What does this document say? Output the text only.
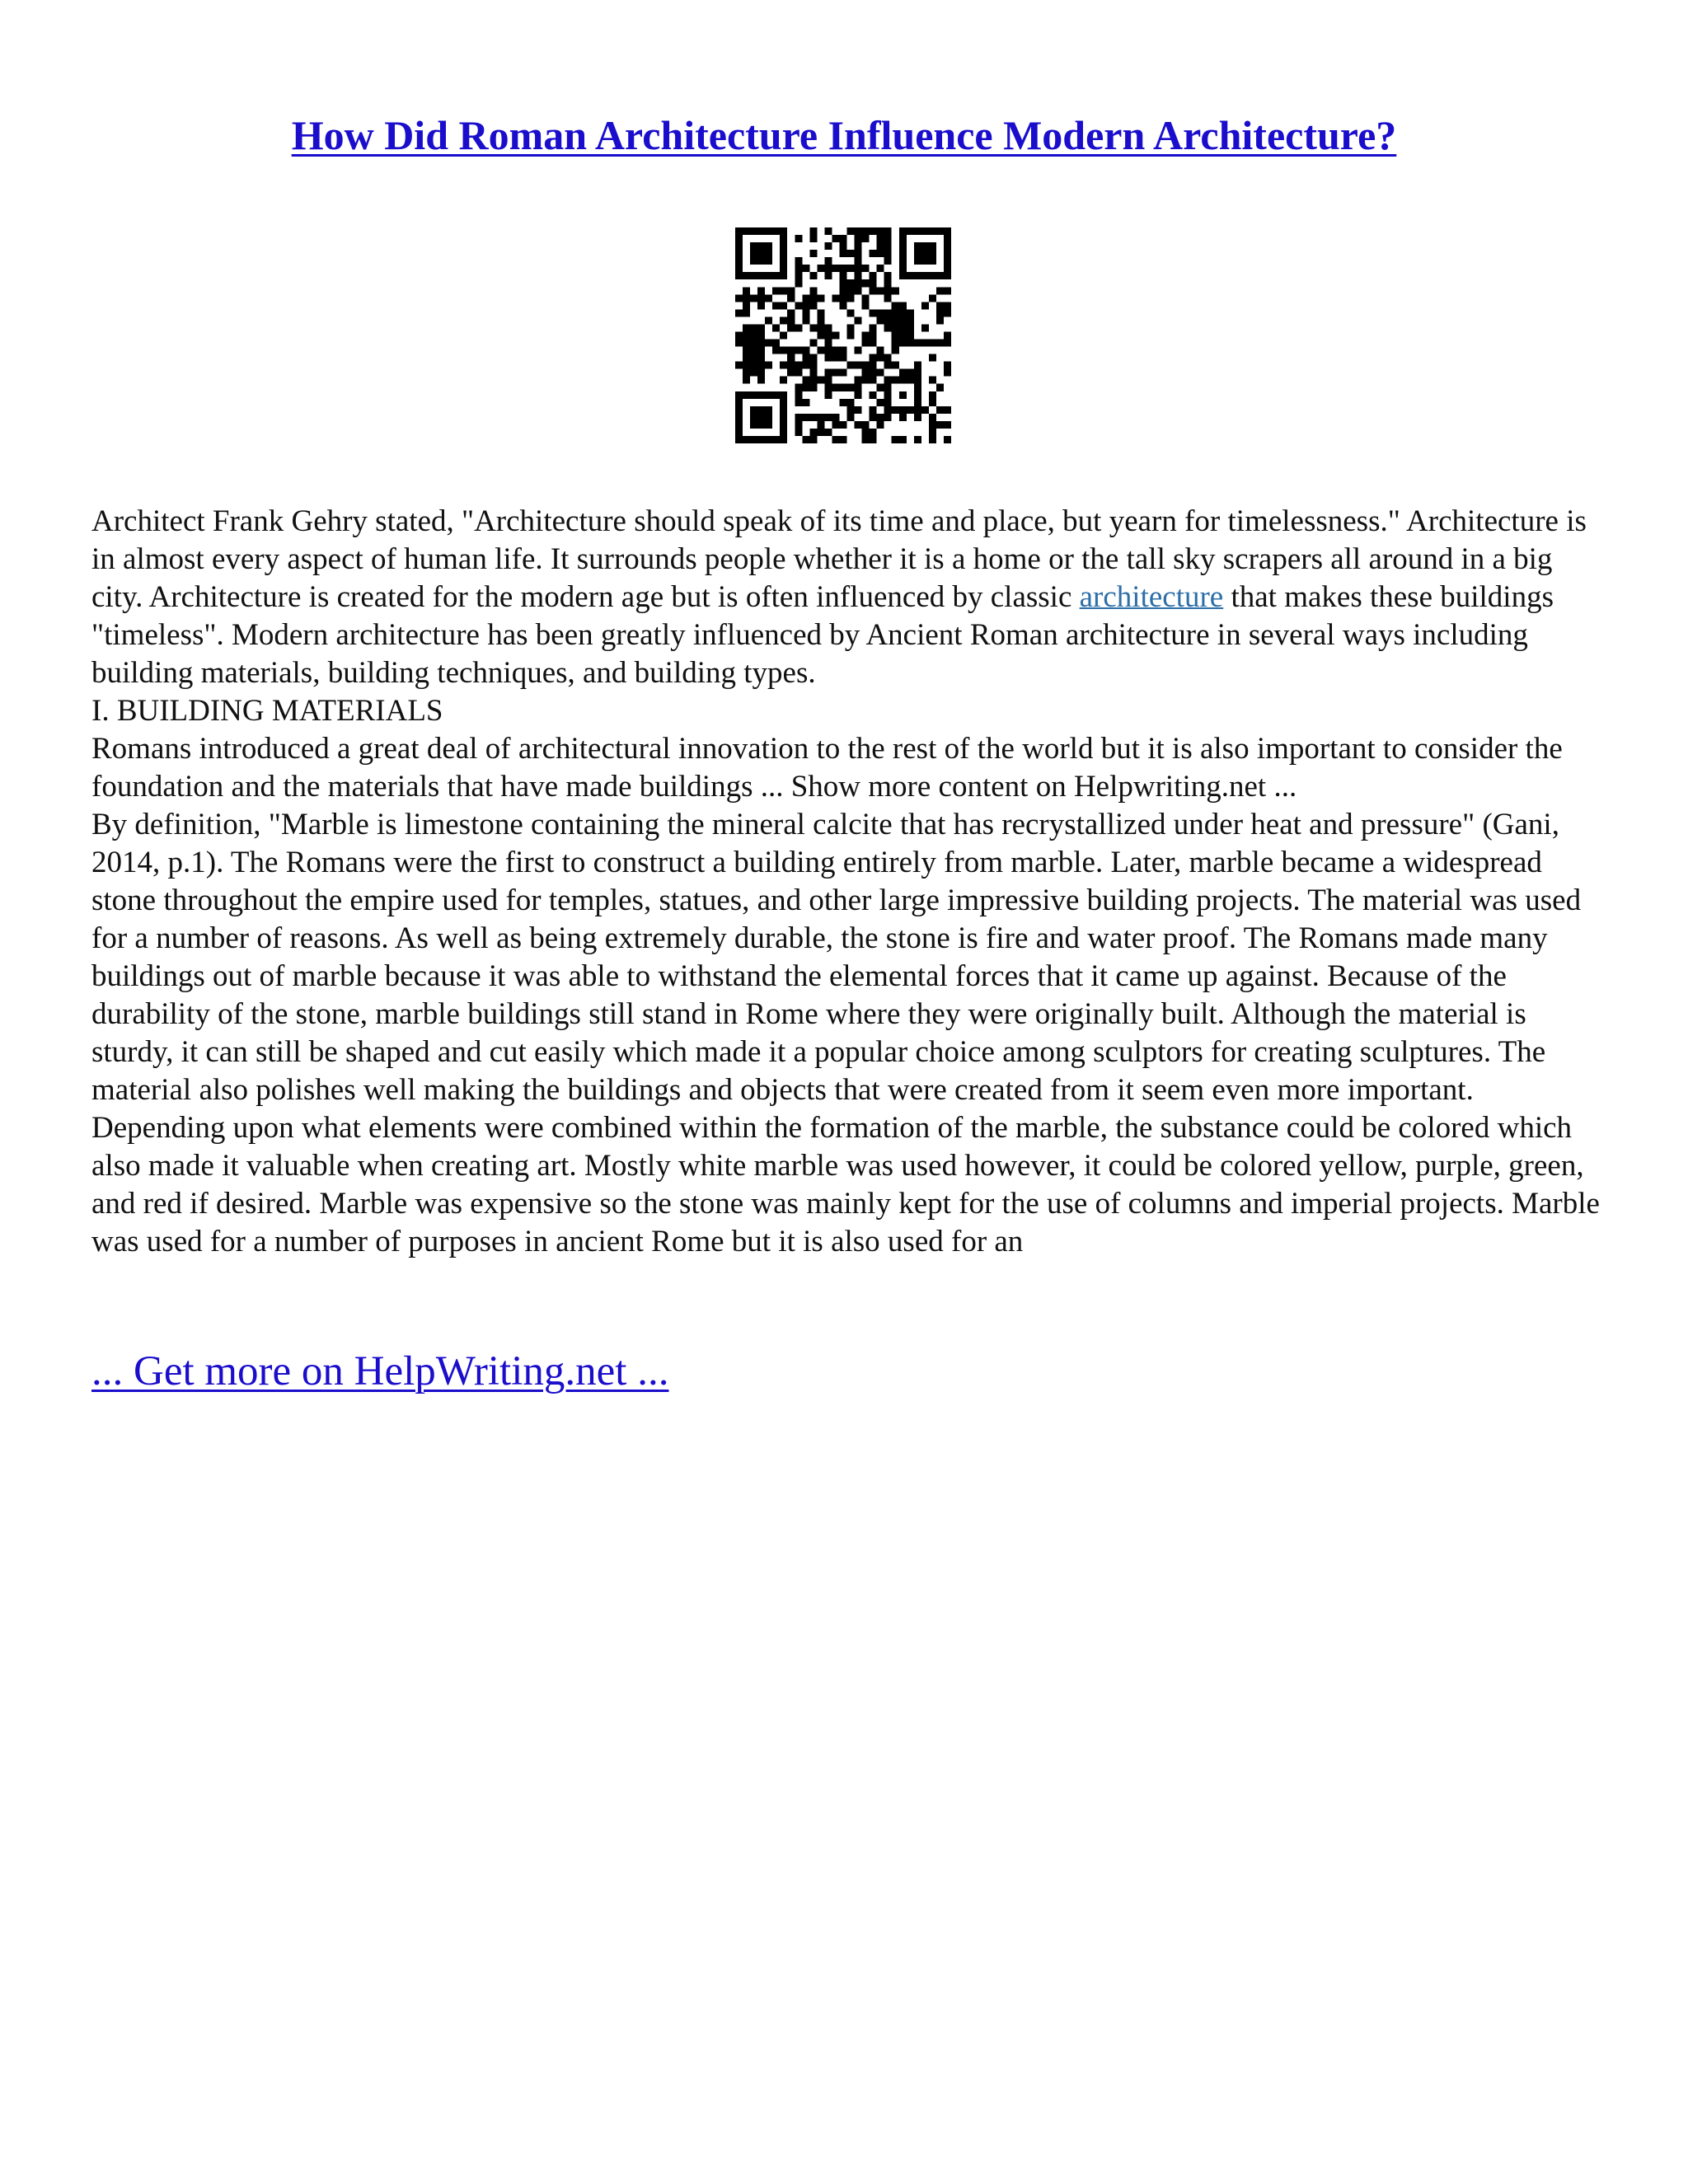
How Did Roman Architecture Influence Modern Architecture?

Architect Frank Gehry stated, "Architecture should speak of its time and place, but yearn for timelessness." Architecture is in almost every aspect of human life. It surrounds people whether it is a home or the tall sky scrapers all around in a big city. Architecture is created for the modern age but is often influenced by classic architecture that makes these buildings "timeless". Modern architecture has been greatly influenced by Ancient Roman architecture in several ways including building materials, building techniques, and building types.
I. BUILDING MATERIALS
Romans introduced a great deal of architectural innovation to the rest of the world but it is also important to consider the foundation and the materials that have made buildings ... Show more content on Helpwriting.net ...
By definition, "Marble is limestone containing the mineral calcite that has recrystallized under heat and pressure" (Gani, 2014, p.1). The Romans were the first to construct a building entirely from marble. Later, marble became a widespread stone throughout the empire used for temples, statues, and other large impressive building projects. The material was used for a number of reasons. As well as being extremely durable, the stone is fire and water proof. The Romans made many buildings out of marble because it was able to withstand the elemental forces that it came up against. Because of the durability of the stone, marble buildings still stand in Rome where they were originally built. Although the material is sturdy, it can still be shaped and cut easily which made it a popular choice among sculptors for creating sculptures. The material also polishes well making the buildings and objects that were created from it seem even more important. Depending upon what elements were combined within the formation of the marble, the substance could be colored which also made it valuable when creating art. Mostly white marble was used however, it could be colored yellow, purple, green, and red if desired. Marble was expensive so the stone was mainly kept for the use of columns and imperial projects. Marble was used for a number of purposes in ancient Rome but it is also used for an

... Get more on HelpWriting.net ...
